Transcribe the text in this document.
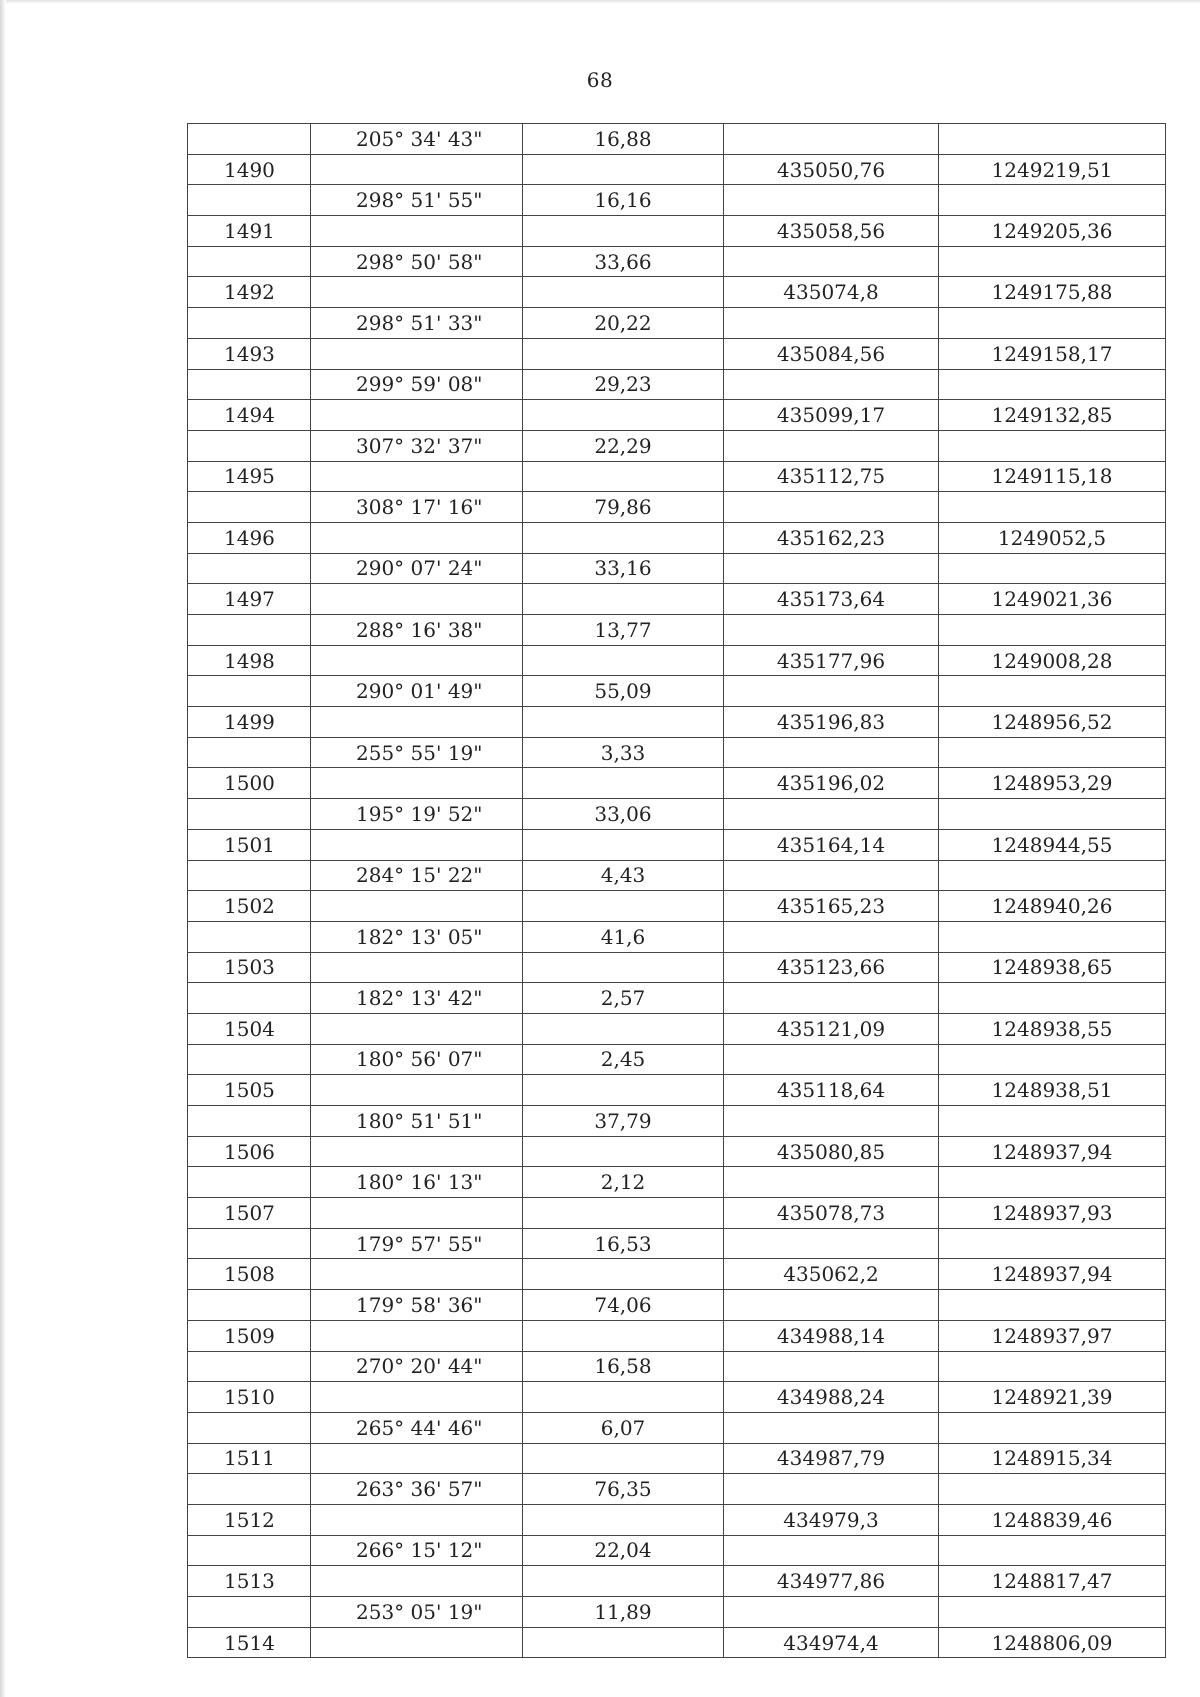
68
	205° 34' 43"	16,88		
1490			435050,76	1249219,51
	298° 51' 55"	16,16		
1491			435058,56	1249205,36
	298° 50' 58"	33,66		
1492			435074,8	1249175,88
	298° 51' 33"	20,22		
1493			435084,56	1249158,17
	299° 59' 08"	29,23		
1494			435099,17	1249132,85
	307° 32' 37"	22,29		
1495			435112,75	1249115,18
	308° 17' 16"	79,86		
1496			435162,23	1249052,5
	290° 07' 24"	33,16		
1497			435173,64	1249021,36
	288° 16' 38"	13,77		
1498			435177,96	1249008,28
	290° 01' 49"	55,09		
1499			435196,83	1248956,52
	255° 55' 19"	3,33		
1500			435196,02	1248953,29
	195° 19' 52"	33,06		
1501			435164,14	1248944,55
	284° 15' 22"	4,43		
1502			435165,23	1248940,26
	182° 13' 05"	41,6		
1503			435123,66	1248938,65
	182° 13' 42"	2,57		
1504			435121,09	1248938,55
	180° 56' 07"	2,45		
1505			435118,64	1248938,51
	180° 51' 51"	37,79		
1506			435080,85	1248937,94
	180° 16' 13"	2,12		
1507			435078,73	1248937,93
	179° 57' 55"	16,53		
1508			435062,2	1248937,94
	179° 58' 36"	74,06		
1509			434988,14	1248937,97
	270° 20' 44"	16,58		
1510			434988,24	1248921,39
	265° 44' 46"	6,07		
1511			434987,79	1248915,34
	263° 36' 57"	76,35		
1512			434979,3	1248839,46
	266° 15' 12"	22,04		
1513			434977,86	1248817,47
	253° 05' 19"	11,89		
1514			434974,4	1248806,09
